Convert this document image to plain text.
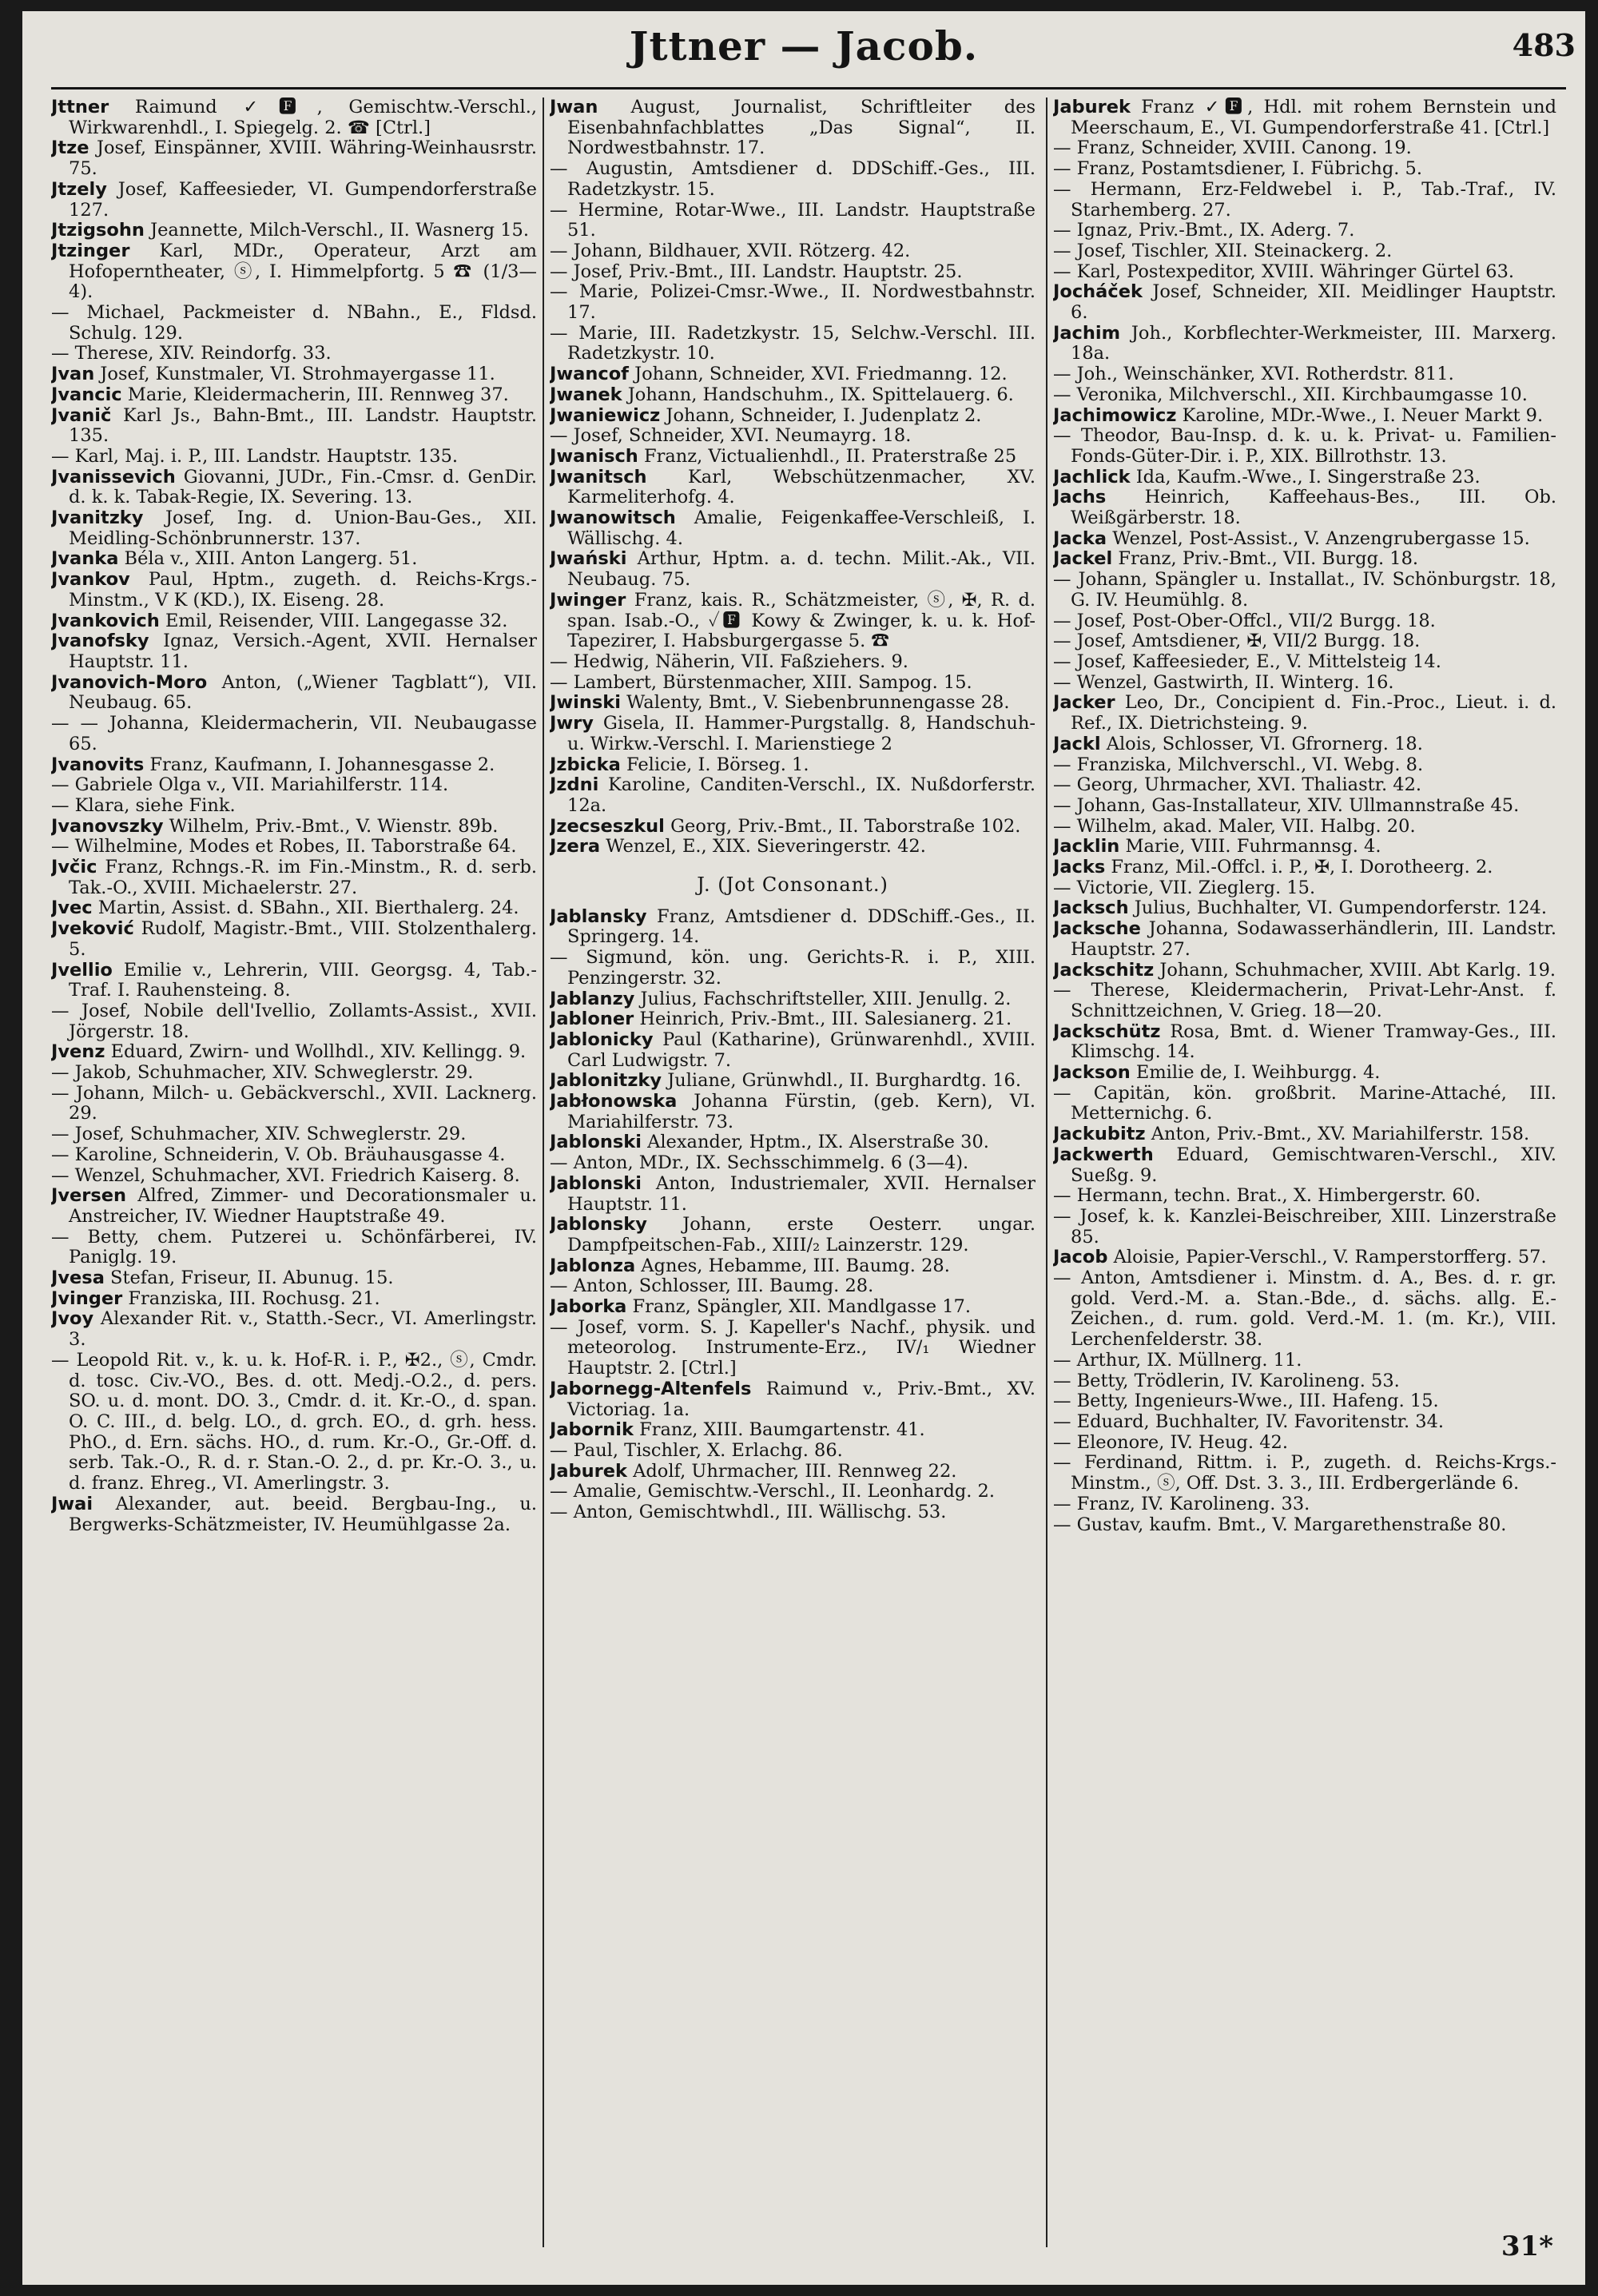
Jttner — Jacob.	483
Jttner Raimund ✓🅵, Gemischtw.-Verschl., Wirkwarenhdl., I. Spiegelg. 2. ☎ [Ctrl.]
Jtze Josef, Einspänner, XVIII. Währing-Weinhausrstr. 75.
Jtzely Josef, Kaffeesieder, VI. Gumpendorferstraße 127.
Jtzigsohn Jeannette, Milch-Verschl., II. Wasnerg 15.
Jtzinger Karl, MDr., Operateur, Arzt am Hofoperntheater, ⓢ, I. Himmelpfortg. 5 ☎ (1/3—4).
— Michael, Packmeister d. NBahn., E., Fldsd. Schulg. 129.
— Therese, XIV. Reindorfg. 33.
Jvan Josef, Kunstmaler, VI. Strohmayergasse 11.
Jvancic Marie, Kleidermacherin, III. Rennweg 37.
Jvanič Karl Js., Bahn-Bmt., III. Landstr. Hauptstr. 135.
— Karl, Maj. i. P., III. Landstr. Hauptstr. 135.
Jvanissevich Giovanni, JUDr., Fin.-Cmsr. d. GenDir. d. k. k. Tabak-Regie, IX. Severing. 13.
Jvanitzky Josef, Ing. d. Union-Bau-Ges., XII. Meidling-Schönbrunnerstr. 137.
Jvanka Béla v., XIII. Anton Langerg. 51.
Jvankov Paul, Hptm., zugeth. d. Reichs-Krgs.-Minstm., V K (KD.), IX. Eiseng. 28.
Jvankovich Emil, Reisender, VIII. Langegasse 32.
Jvanofsky Ignaz, Versich.-Agent, XVII. Hernalser Hauptstr. 11.
Jvanovich-Moro Anton, („Wiener Tagblatt“), VII. Neubaug. 65.
— — Johanna, Kleidermacherin, VII. Neubaugasse 65.
Jvanovits Franz, Kaufmann, I. Johannesgasse 2.
— Gabriele Olga v., VII. Mariahilferstr. 114.
— Klara, siehe Fink.
Jvanovszky Wilhelm, Priv.-Bmt., V. Wienstr. 89b.
— Wilhelmine, Modes et Robes, II. Taborstraße 64.
Jvčic Franz, Rchngs.-R. im Fin.-Minstm., R. d. serb. Tak.-O., XVIII. Michaelerstr. 27.
Jvec Martin, Assist. d. SBahn., XII. Bierthalerg. 24.
Jveković Rudolf, Magistr.-Bmt., VIII. Stolzenthalerg. 5.
Jvellio Emilie v., Lehrerin, VIII. Georgsg. 4, Tab.-Traf. I. Rauhensteing. 8.
— Josef, Nobile dell'Ivellio, Zollamts-Assist., XVII. Jörgerstr. 18.
Jvenz Eduard, Zwirn- und Wollhdl., XIV. Kellingg. 9.
— Jakob, Schuhmacher, XIV. Schweglerstr. 29.
— Johann, Milch- u. Gebäckverschl., XVII. Lacknerg. 29.
— Josef, Schuhmacher, XIV. Schweglerstr. 29.
— Karoline, Schneiderin, V. Ob. Bräuhausgasse 4.
— Wenzel, Schuhmacher, XVI. Friedrich Kaiserg. 8.
Jversen Alfred, Zimmer- und Decorationsmaler u. Anstreicher, IV. Wiedner Hauptstraße 49.
— Betty, chem. Putzerei u. Schönfärberei, IV. Paniglg. 19.
Jvesa Stefan, Friseur, II. Abunug. 15.
Jvinger Franziska, III. Rochusg. 21.
Jvoy Alexander Rit. v., Statth.-Secr., VI. Amerlingstr. 3.
— Leopold Rit. v., k. u. k. Hof-R. i. P., ✠2., ⓢ, Cmdr. d. tosc. Civ.-VO., Bes. d. ott. Medj.-O.2., d. pers. SO. u. d. mont. DO. 3., Cmdr. d. it. Kr.-O., d. span. O. C. III., d. belg. LO., d. grch. EO., d. grh. hess. PhO., d. Ern. sächs. HO., d. rum. Kr.-O., Gr.-Off. d. serb. Tak.-O., R. d. r. Stan.-O. 2., d. pr. Kr.-O. 3., u. d. franz. Ehreg., VI. Amerlingstr. 3.
Jwai Alexander, aut. beeid. Bergbau-Ing., u. Bergwerks-Schätzmeister, IV. Heumühlgasse 2a.
Jwan August, Journalist, Schriftleiter des Eisenbahnfachblattes „Das Signal“, II. Nordwestbahnstr. 17.
— Augustin, Amtsdiener d. DDSchiff.-Ges., III. Radetzkystr. 15.
— Hermine, Rotar-Wwe., III. Landstr. Hauptstraße 51.
— Johann, Bildhauer, XVII. Rötzerg. 42.
— Josef, Priv.-Bmt., III. Landstr. Hauptstr. 25.
— Marie, Polizei-Cmsr.-Wwe., II. Nordwestbahnstr. 17.
— Marie, III. Radetzkystr. 15, Selchw.-Verschl. III. Radetzkystr. 10.
Jwancof Johann, Schneider, XVI. Friedmanng. 12.
Jwanek Johann, Handschuhm., IX. Spittelauerg. 6.
Jwaniewicz Johann, Schneider, I. Judenplatz 2.
— Josef, Schneider, XVI. Neumayrg. 18.
Jwanisch Franz, Victualienhdl., II. Praterstraße 25
Jwanitsch Karl, Webschützenmacher, XV. Karmeliterhofg. 4.
Jwanowitsch Amalie, Feigenkaffee-Verschleiß, I. Wällischg. 4.
Jwański Arthur, Hptm. a. d. techn. Milit.-Ak., VII. Neubaug. 75.
Jwinger Franz, kais. R., Schätzmeister, ⓢ, ✠, R. d. span. Isab.-O., ✓🅵 Kowy & Zwinger, k. u. k. Hof-Tapezirer, I. Habsburgergasse 5. ☎
— Hedwig, Näherin, VII. Faßziehers. 9.
— Lambert, Bürstenmacher, XIII. Sampog. 15.
Jwinski Walenty, Bmt., V. Siebenbrunnengasse 28.
Jwry Gisela, II. Hammer-Purgstallg. 8, Handschuh- u. Wirkw.-Verschl. I. Marienstiege 2
Jzbicka Felicie, I. Börseg. 1.
Jzdni Karoline, Canditen-Verschl., IX. Nußdorferstr. 12a.
Jzecseszkul Georg, Priv.-Bmt., II. Taborstraße 102.
Jzera Wenzel, E., XIX. Sieveringerstr. 42.
J. (Jot Consonant.)
Jablansky Franz, Amtsdiener d. DDSchiff.-Ges., II. Springerg. 14.
— Sigmund, kön. ung. Gerichts-R. i. P., XIII. Penzingerstr. 32.
Jablanzy Julius, Fachschriftsteller, XIII. Jenullg. 2.
Jabloner Heinrich, Priv.-Bmt., III. Salesianerg. 21.
Jablonicky Paul (Katharine), Grünwarenhdl., XVIII. Carl Ludwigstr. 7.
Jablonitzky Juliane, Grünwhdl., II. Burghardtg. 16.
Jabłonowska Johanna Fürstin, (geb. Kern), VI. Mariahilferstr. 73.
Jablonski Alexander, Hptm., IX. Alserstraße 30.
— Anton, MDr., IX. Sechsschimmelg. 6 (3—4).
Jablonski Anton, Industriemaler, XVII. Hernalser Hauptstr. 11.
Jablonsky Johann, erste Oesterr. ungar. Dampfpeitschen-Fab., XIII/₂ Lainzerstr. 129.
Jablonza Agnes, Hebamme, III. Baumg. 28.
— Anton, Schlosser, III. Baumg. 28.
Jaborka Franz, Spängler, XII. Mandlgasse 17.
— Josef, vorm. S. J. Kapeller's Nachf., physik. und meteorolog. Instrumente-Erz., IV/₁ Wiedner Hauptstr. 2. [Ctrl.]
Jabornegg-Altenfels Raimund v., Priv.-Bmt., XV. Victoriag. 1a.
Jabornik Franz, XIII. Baumgartenstr. 41.
— Paul, Tischler, X. Erlachg. 86.
Jaburek Adolf, Uhrmacher, III. Rennweg 22.
— Amalie, Gemischtw.-Verschl., II. Leonhardg. 2.
— Anton, Gemischtwhdl., III. Wällischg. 53.
Jaburek Franz ✓🅵, Hdl. mit rohem Bernstein und Meerschaum, E., VI. Gumpendorferstraße 41. [Ctrl.]
— Franz, Schneider, XVIII. Canong. 19.
— Franz, Postamtsdiener, I. Fübrichg. 5.
— Hermann, Erz-Feldwebel i. P., Tab.-Traf., IV. Starhemberg. 27.
— Ignaz, Priv.-Bmt., IX. Aderg. 7.
— Josef, Tischler, XII. Steinackerg. 2.
— Karl, Postexpeditor, XVIII. Währinger Gürtel 63.
Jocháček Josef, Schneider, XII. Meidlinger Hauptstr. 6.
Jachim Joh., Korbflechter-Werkmeister, III. Marxerg. 18a.
— Joh., Weinschänker, XVI. Rotherdstr. 811.
— Veronika, Milchverschl., XII. Kirchbaumgasse 10.
Jachimowicz Karoline, MDr.-Wwe., I. Neuer Markt 9.
— Theodor, Bau-Insp. d. k. u. k. Privat- u. Familien-Fonds-Güter-Dir. i. P., XIX. Billrothstr. 13.
Jachlick Ida, Kaufm.-Wwe., I. Singerstraße 23.
Jachs Heinrich, Kaffeehaus-Bes., III. Ob. Weißgärberstr. 18.
Jacka Wenzel, Post-Assist., V. Anzengrubergasse 15.
Jackel Franz, Priv.-Bmt., VII. Burgg. 18.
— Johann, Spängler u. Installat., IV. Schönburgstr. 18, G. IV. Heumühlg. 8.
— Josef, Post-Ober-Offcl., VII/2 Burgg. 18.
— Josef, Amtsdiener, ✠, VII/2 Burgg. 18.
— Josef, Kaffeesieder, E., V. Mittelsteig 14.
— Wenzel, Gastwirth, II. Winterg. 16.
Jacker Leo, Dr., Concipient d. Fin.-Proc., Lieut. i. d. Ref., IX. Dietrichsteing. 9.
Jackl Alois, Schlosser, VI. Gfrornerg. 18.
— Franziska, Milchverschl., VI. Webg. 8.
— Georg, Uhrmacher, XVI. Thaliastr. 42.
— Johann, Gas-Installateur, XIV. Ullmannstraße 45.
— Wilhelm, akad. Maler, VII. Halbg. 20.
Jacklin Marie, VIII. Fuhrmannsg. 4.
Jacks Franz, Mil.-Offcl. i. P., ✠, I. Dorotheerg. 2.
— Victorie, VII. Zieglerg. 15.
Jacksch Julius, Buchhalter, VI. Gumpendorferstr. 124.
Jacksche Johanna, Sodawasserhändlerin, III. Landstr. Hauptstr. 27.
Jackschitz Johann, Schuhmacher, XVIII. Abt Karlg. 19.
— Therese, Kleidermacherin, Privat-Lehr-Anst. f. Schnittzeichnen, V. Grieg. 18—20.
Jackschütz Rosa, Bmt. d. Wiener Tramway-Ges., III. Klimschg. 14.
Jackson Emilie de, I. Weihburgg. 4.
— Capitän, kön. großbrit. Marine-Attaché, III. Metternichg. 6.
Jackubitz Anton, Priv.-Bmt., XV. Mariahilferstr. 158.
Jackwerth Eduard, Gemischtwaren-Verschl., XIV. Sueßg. 9.
— Hermann, techn. Brat., X. Himbergerstr. 60.
— Josef, k. k. Kanzlei-Beischreiber, XIII. Linzerstraße 85.
Jacob Aloisie, Papier-Verschl., V. Ramperstorfferg. 57.
— Anton, Amtsdiener i. Minstm. d. A., Bes. d. r. gr. gold. Verd.-M. a. Stan.-Bde., d. sächs. allg. E.-Zeichen., d. rum. gold. Verd.-M. 1. (m. Kr.), VIII. Lerchenfelderstr. 38.
— Arthur, IX. Müllnerg. 11.
— Betty, Trödlerin, IV. Karolineng. 53.
— Betty, Ingenieurs-Wwe., III. Hafeng. 15.
— Eduard, Buchhalter, IV. Favoritenstr. 34.
— Eleonore, IV. Heug. 42.
— Ferdinand, Rittm. i. P., zugeth. d. Reichs-Krgs.-Minstm., ⓢ, Off. Dst. 3. 3., III. Erdbergerlände 6.
— Franz, IV. Karolineng. 33.
— Gustav, kaufm. Bmt., V. Margarethenstraße 80.
31*
